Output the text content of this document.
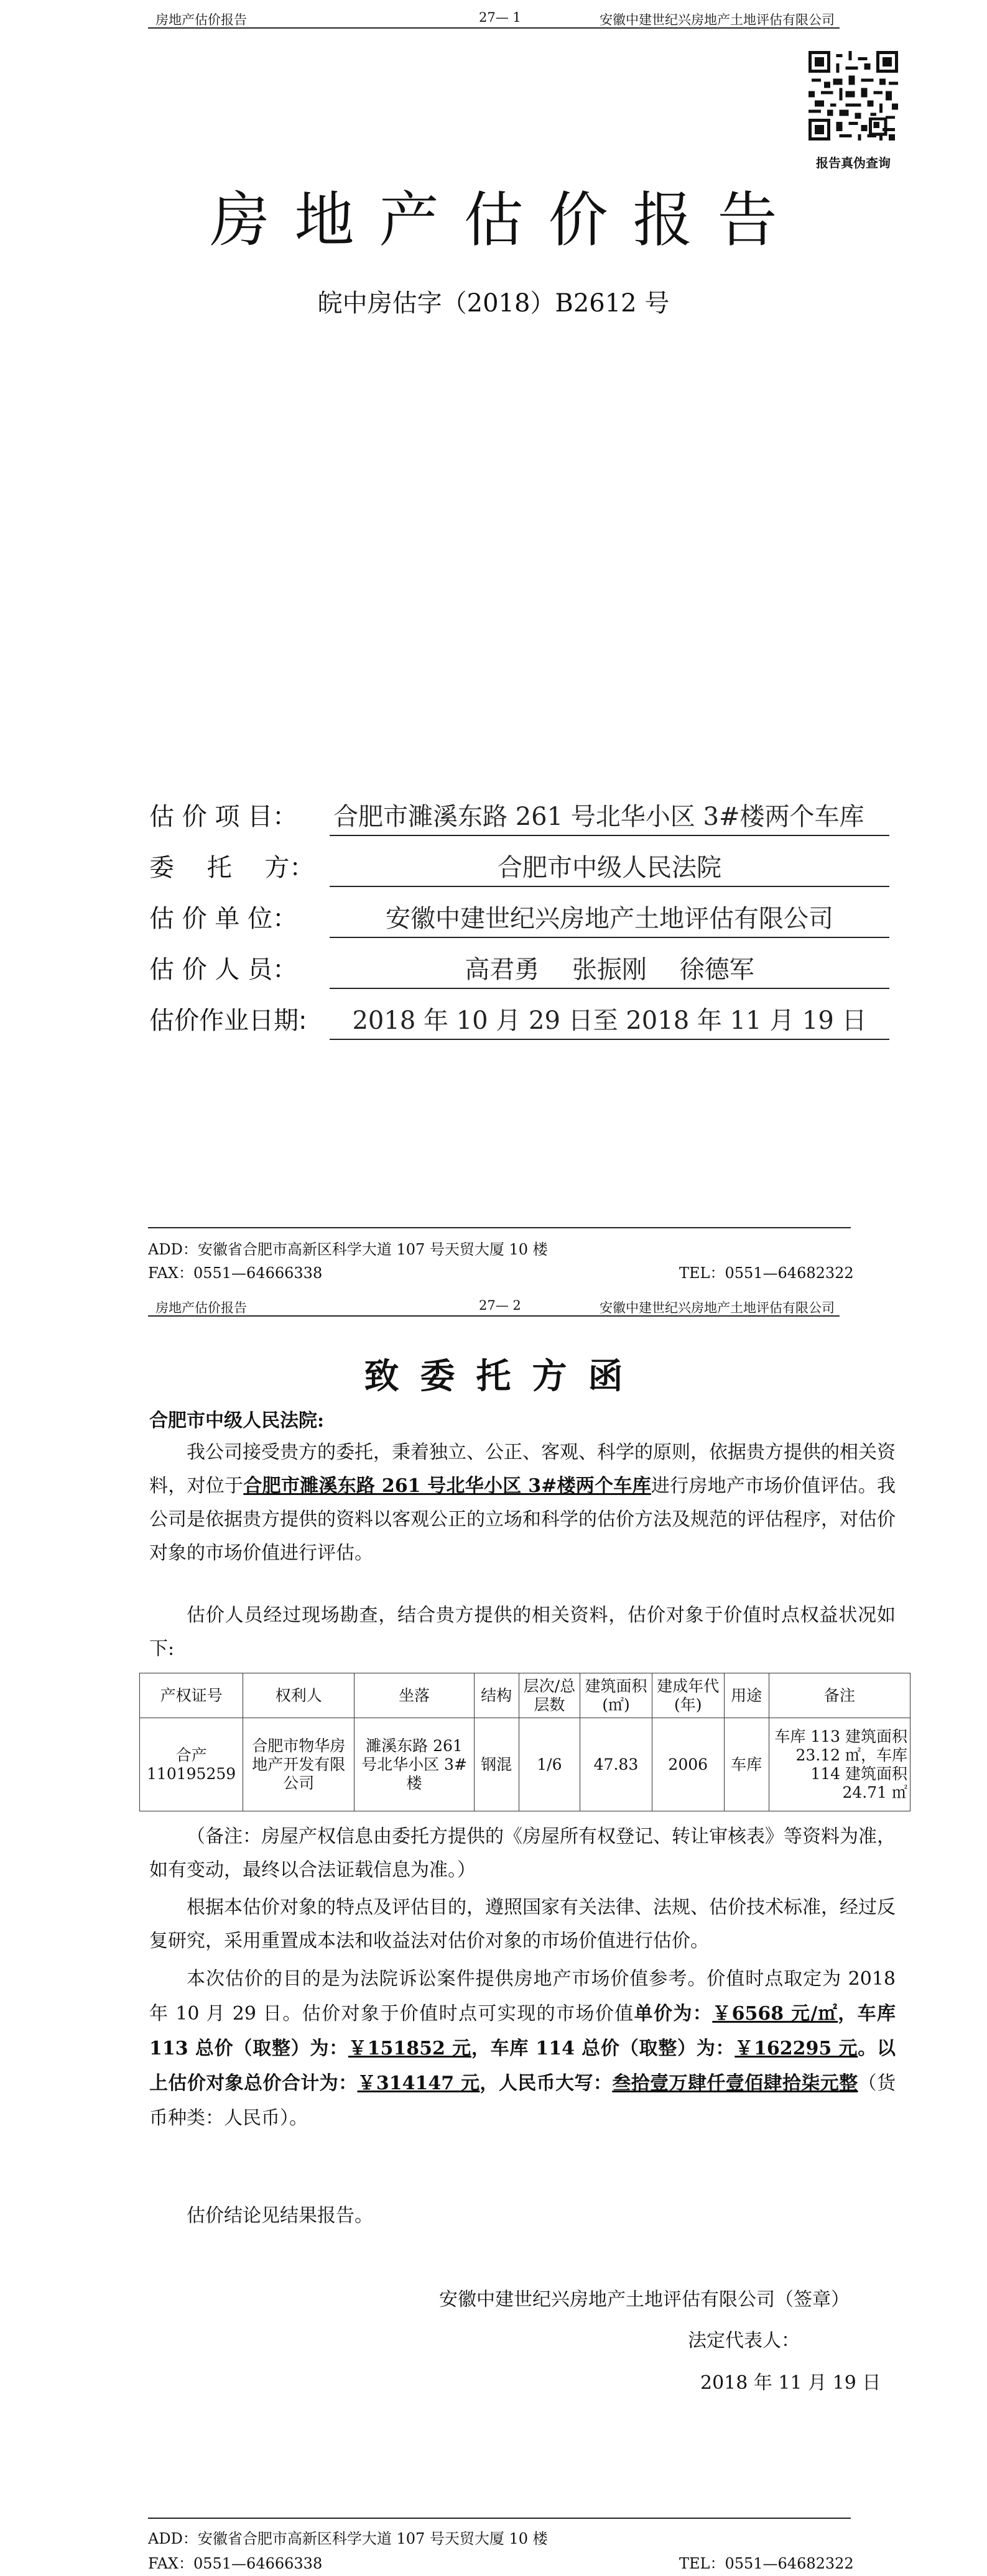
房地产估价报告	27— 1	安徽中建世纪兴房地产土地评估有限公司
报告真伪查询
房地产估价报告
皖中房估字（2018）B2612 号
估 价 项 目： 合肥市濉溪东路 261 号北华小区 3#楼两个车库
委　 托　 方：	合肥市中级人民法院
估 价 单 位：	安徽中建世纪兴房地产土地评估有限公司
估 价 人 员：	高君勇　 张振刚　 徐德军
估价作业日期:	2018 年 10 月 29 日至 2018 年 11 月 19 日
ADD：安徽省合肥市高新区科学大道 107 号天贸大厦 10 楼
FAX：0551—64666338	TEL：0551—64682322
房地产估价报告	27— 2	安徽中建世纪兴房地产土地评估有限公司
致委托方函
合肥市中级人民法院:
我公司接受贵方的委托，秉着独立、公正、客观、科学的原则，依据贵方提供的相关资料，对位于合肥市濉溪东路 261 号北华小区 3#楼两个车库进行房地产市场价值评估。我公司是依据贵方提供的资料以客观公正的立场和科学的估价方法及规范的评估程序，对估价对象的市场价值进行评估。
估价人员经过现场勘查，结合贵方提供的相关资料，估价对象于价值时点权益状况如下:
产权证号	权利人	坐落	结构	层次/总层数	建筑面积(㎡)	建成年代(年)	用途	备注
合产 110195259	合肥市物华房地产开发有限公司	濉溪东路 261 号北华小区 3#楼	钢混	1/6	47.83	2006	车库	车库 113 建筑面积 23.12 ㎡，车库 114 建筑面积 24.71 ㎡
（备注：房屋产权信息由委托方提供的《房屋所有权登记、转让审核表》等资料为准，如有变动，最终以合法证载信息为准。）
根据本估价对象的特点及评估目的，遵照国家有关法律、法规、估价技术标准，经过反复研究，采用重置成本法和收益法对估价对象的市场价值进行估价。
本次估价的目的是为法院诉讼案件提供房地产市场价值参考。价值时点取定为 2018 年 10 月 29 日。估价对象于价值时点可实现的市场价值单价为：￥6568 元/㎡，车库 113 总价（取整）为：￥151852 元，车库 114 总价（取整）为：￥162295 元。以上估价对象总价合计为：￥314147 元，人民币大写：叁拾壹万肆仟壹佰肆拾柒元整（货币种类：人民币）。
估价结论见结果报告。
安徽中建世纪兴房地产土地评估有限公司（签章）
法定代表人：
2018 年 11 月 19 日
ADD：安徽省合肥市高新区科学大道 107 号天贸大厦 10 楼
FAX：0551—64666338	TEL：0551—64682322
